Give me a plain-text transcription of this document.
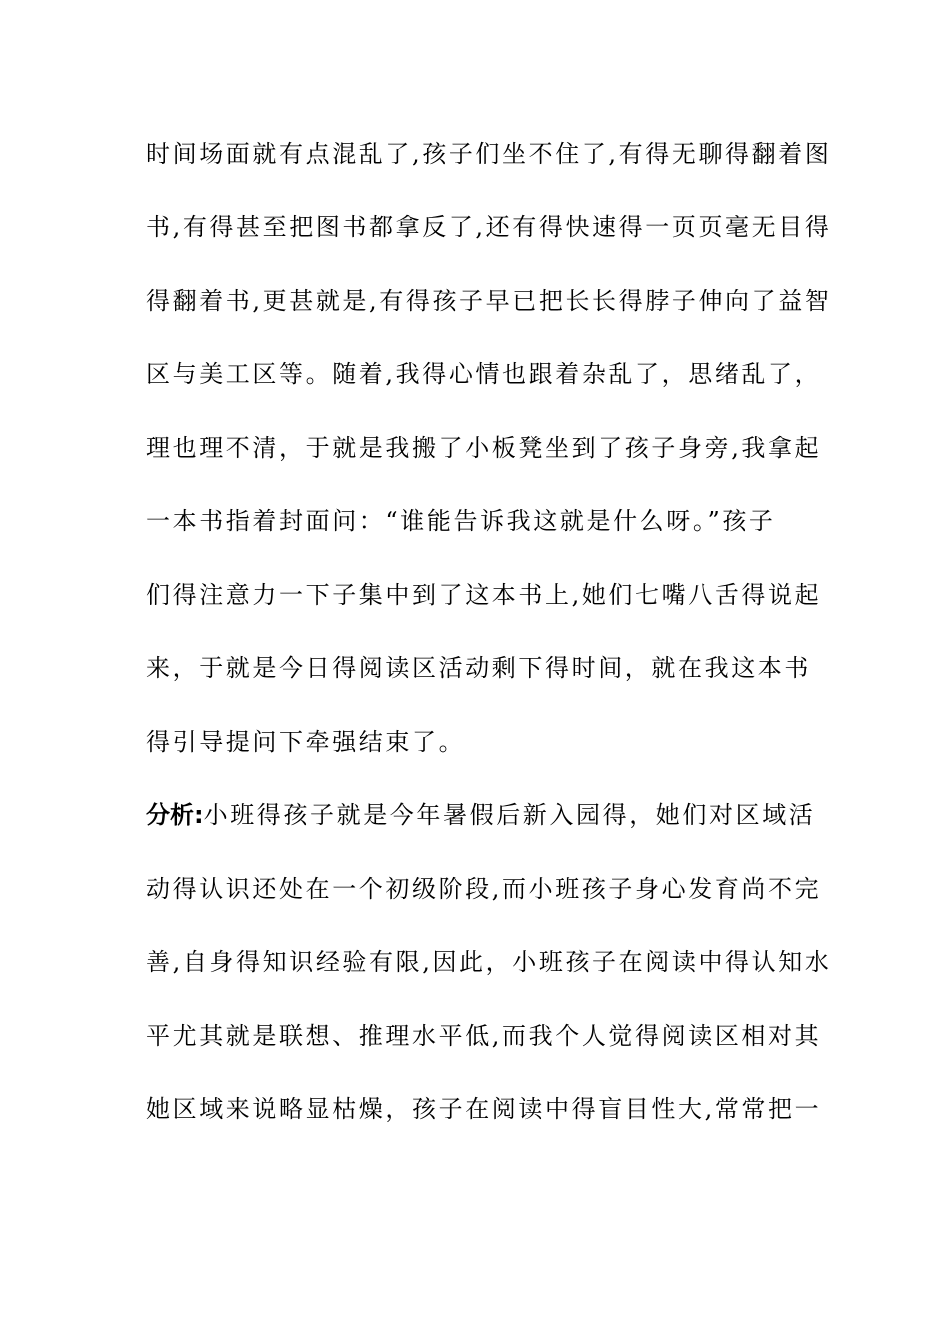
时间场面就有点混乱了,孩子们坐不住了,有得无聊得翻着图
书,有得甚至把图书都拿反了,还有得快速得一页页毫无目得
得翻着书,更甚就是,有得孩子早已把长长得脖子伸向了益智
区与美工区等。随着,我得心情也跟着杂乱了，思绪乱了，
理也理不清，于就是我搬了小板凳坐到了孩子身旁,我拿起
一本书指着封面问：“谁能告诉我这就是什么呀。”孩子
们得注意力一下子集中到了这本书上,她们七嘴八舌得说起
来，于就是今日得阅读区活动剩下得时间，就在我这本书
得引导提问下牵强结束了。
分析:小班得孩子就是今年暑假后新入园得，她们对区域活
动得认识还处在一个初级阶段,而小班孩子身心发育尚不完
善,自身得知识经验有限,因此，小班孩子在阅读中得认知水
平尤其就是联想、推理水平低,而我个人觉得阅读区相对其
她区域来说略显枯燥，孩子在阅读中得盲目性大,常常把一
